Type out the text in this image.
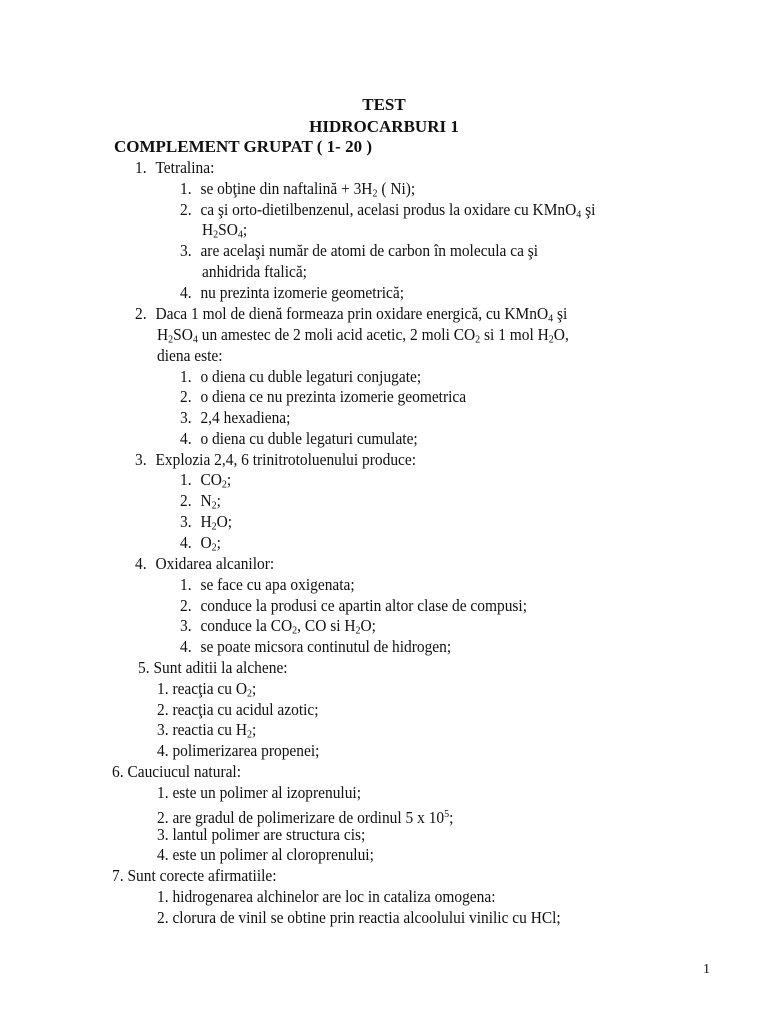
TEST
HIDROCARBURI 1
COMPLEMENT GRUPAT ( 1- 20 )
1. Tetralina:
1. se obţine din naftalină + $3H_2$ ( Ni);
2. ca şi orto-dietilbenzenul, acelasi produs la oxidare cu KMnO$_4$ şi
$H_2SO_4$;
3. are acelaşi număr de atomi de carbon în molecula ca şi
anhidrida ftalică;
4. nu prezinta izomerie geometrică;
2. Daca 1 mol de dienă formeaza prin oxidare energică, cu KMnO$_4$ şi
$H_2SO_4$ un amestec de 2 moli acid acetic, 2 moli $CO_2$ si 1 mol $H_2O$,
diena este:
1. o diena cu duble legaturi conjugate;
2. o diena ce nu prezinta izomerie geometrica
3. 2,4 hexadiena;
4. o diena cu duble legaturi cumulate;
3. Explozia 2,4, 6 trinitrotoluenului produce:
1. $CO_2$;
2. $N_2$;
3. $H_2O$;
4. $O_2$;
4. Oxidarea alcanilor:
1. se face cu apa oxigenata;
2. conduce la produsi ce apartin altor clase de compusi;
3. conduce la $CO_2$, CO si $H_2O$;
4. se poate micsora continutul de hidrogen;
5. Sunt aditii la alchene:
1. reacţia cu $O_2$;
2. reacţia cu acidul azotic;
3. reactia cu $H_2$;
4. polimerizarea propenei;
6. Cauciucul natural:
1. este un polimer al izoprenului;
2. are gradul de polimerizare de ordinul 5 x $10^5$;
3. lantul polimer are structura cis;
4. este un polimer al cloroprenului;
7. Sunt corecte afirmatiile:
1. hidrogenarea alchinelor are loc in cataliza omogena:
2. clorura de vinil se obtine prin reactia alcoolului vinilic cu HCl;
1
